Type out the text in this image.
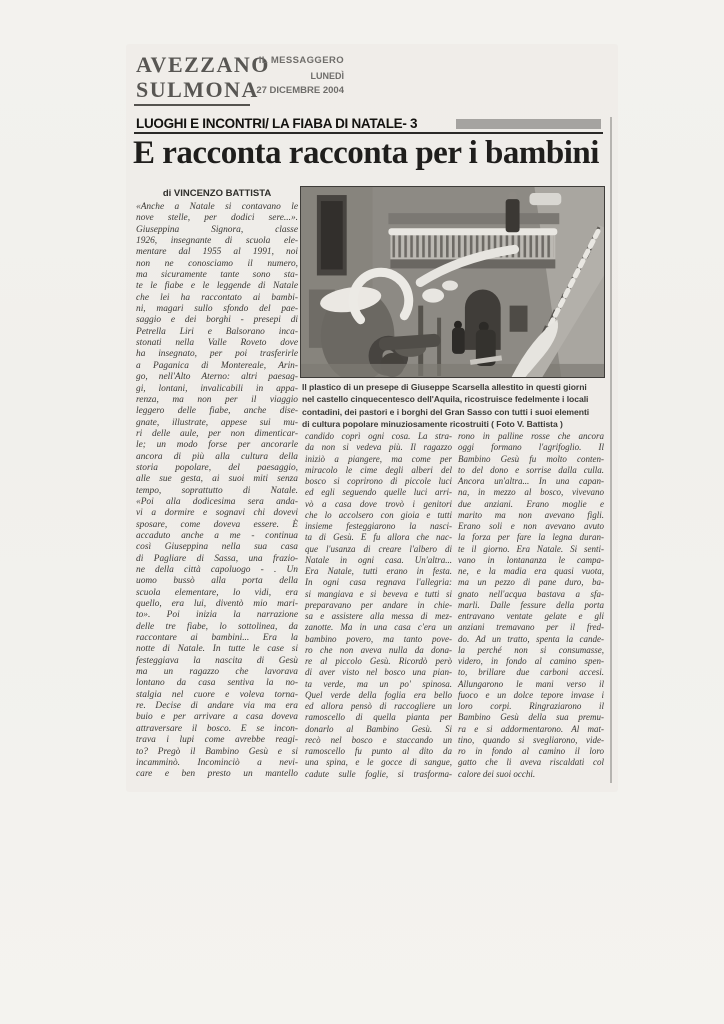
AVEZZANO
SULMONA
IL MESSAGGERO
LUNEDÌ
27 DICEMBRE 2004
LUOGHI E INCONTRI/ LA FIABA DI NATALE- 3
E racconta racconta per i bambini
di VINCENZO BATTISTA
«Anche a Natale si contavano le
nove stelle, per dodici sere...».
Giuseppina Signora, classe
1926, insegnante di scuola ele-
mentare dal 1955 al 1991, noi
non ne conosciamo il numero,
ma sicuramente tante sono sta-
te le fiabe e le leggende di Natale
che lei ha raccontato ai bambi-
ni, magari sullo sfondo del pae-
saggio e dei borghi - presepi di
Petrella Liri e Balsorano inca-
stonati nella Valle Roveto dove
ha insegnato, per poi trasferirle
a Paganica di Montereale, Arin-
go, nell'Alto Aterno: altri paesag-
gi, lontani, invalicabili in appa-
renza, ma non per il viaggio
leggero delle fiabe, anche dise-
gnate, illustrate, appese sui mu-
ri delle aule, per non dimenticar-
le; un modo forse per ancorarle
ancora di più alla cultura della
storia popolare, del paesaggio,
alle sue gesta, ai suoi miti senza
tempo, soprattutto di Natale.
«Poi alla dodicesima sera anda-
vi a dormire e sognavi chi dovevi
sposare, come doveva essere. È
accaduto anche a me - continua
così Giuseppina nella sua casa
di Pagliare di Sassa, una frazio-
ne della città capoluogo - . Un
uomo bussò alla porta della
scuola elementare, lo vidi, era
quello, era lui, diventò mio mari-
to». Poi inizia la narrazione
delle tre fiabe, lo sottolinea, da
raccontare ai bambini... Era la
notte di Natale. In tutte le case si
festeggiava la nascita di Gesù
ma un ragazzo che lavorava
lontano da casa sentiva la no-
stalgia nel cuore e voleva torna-
re. Decise di andare via ma era
buio e per arrivare a casa doveva
attraversare il bosco. E se incon-
trava i lupi come avrebbe reagi-
to? Pregò il Bambino Gesù e si
incamminò. Incominciò a nevi-
care e ben presto un mantello
candido coprì ogni cosa. La stra-
da non si vedeva più. Il ragazzo
iniziò a piangere, ma come per
miracolo le cime degli alberi del
bosco si coprirono di piccole luci
ed egli seguendo quelle luci arri-
vò a casa dove trovò i genitori
che lo accolsero con gioia e tutti
insieme festeggiarono la nasci-
ta di Gesù. E fu allora che nac-
que l'usanza di creare l'albero di
Natale in ogni casa. Un'altra...
Era Natale, tutti erano in festa.
In ogni casa regnava l'allegria:
si mangiava e si beveva e tutti si
preparavano per andare in chie-
sa e assistere alla messa di mez-
zanotte. Ma in una casa c'era un
bambino povero, ma tanto pove-
ro che non aveva nulla da dona-
re al piccolo Gesù. Ricordò però
di aver visto nel bosco una pian-
ta verde, ma un po' spinosa.
Quel verde della foglia era bello
ed allora pensò di raccogliere un
ramoscello di quella pianta per
donarlo al Bambino Gesù. Si
recò nel bosco e staccando un
ramoscello fu punto al dito da
una spina, e le gocce di sangue,
cadute sulle foglie, si trasforma-
rono in palline rosse che ancora
oggi formano l'agrifoglio. Il
Bambino Gesù fu molto conten-
to del dono e sorrise dalla culla.
Ancora un'altra... In una capan-
na, in mezzo al bosco, vivevano
due anziani. Erano moglie e
marito ma non avevano figli.
Erano soli e non avevano avuto
la forza per fare la legna duran-
te il giorno. Era Natale. Si senti-
vano in lontananza le campa-
ne, e la madia era quasi vuota,
ma un pezzo di pane duro, ba-
gnato nell'acqua bastava a sfa-
marli. Dalle fessure della porta
entravano ventate gelate e gli
anziani tremavano per il fred-
do. Ad un tratto, spenta la cande-
la perché non si consumasse,
videro, in fondo al camino spen-
to, brillare due carboni accesi.
Allungarono le mani verso il
fuoco e un dolce tepore invase i
loro corpi. Ringraziarono il
Bambino Gesù della sua premu-
ra e si addormentarono. Al mat-
tino, quando si svegliarono, vide-
ro in fondo al camino il loro
gatto che li aveva riscaldati col
calore dei suoi occhi.
Il plastico di un presepe di Giuseppe Scarsella allestito in questi giorni
nel castello cinquecentesco dell'Aquila, ricostruisce fedelmente i locali
contadini, dei pastori e i borghi del Gran Sasso con tutti i suoi elementi
di cultura popolare minuziosamente ricostruiti ( Foto V. Battista )
